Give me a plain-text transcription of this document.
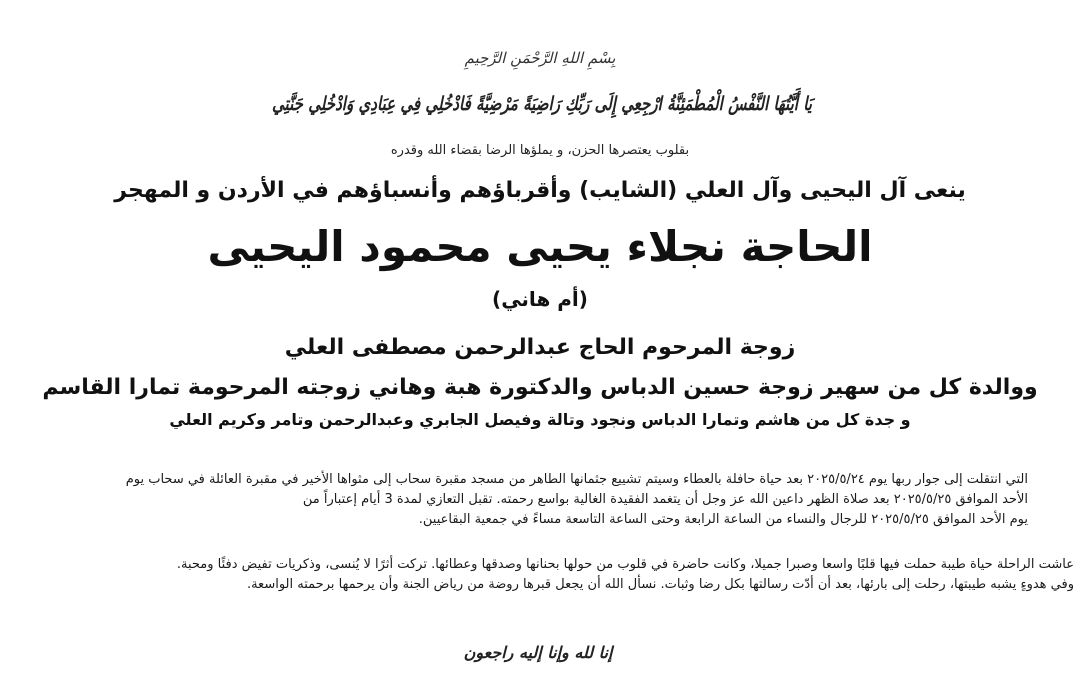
بِسْمِ اللهِ الرَّحْمَنِ الرَّحِيمِ
يَا أَيَّتُهَا النَّفْسُ الْمُطْمَئِنَّةُ ارْجِعِي إِلَى رَبِّكِ رَاضِيَةً مَرْضِيَّةً فَادْخُلِي فِي عِبَادِي وَادْخُلِي جَنَّتِي
بقلوب يعتصرها الحزن، و يملؤها الرضا بقضاء الله وقدره
ينعى آل اليحيى وآل العلي (الشايب) وأقرباؤهم وأنسباؤهم في الأردن و المهجر
الحاجة نجلاء يحيى محمود اليحيى
(أم هاني)
زوجة المرحوم الحاج عبدالرحمن مصطفى العلي
ووالدة كل من سهير زوجة حسين الدباس والدكتورة هبة وهاني زوجته المرحومة تمارا القاسم
و جدة كل من هاشم وتمارا الدباس ونجود وتالة وفيصل الجابري وعبدالرحمن وتامر وكريم العلي
التي انتقلت إلى جوار ربها يوم ٢٠٢٥/٥/٢٤ بعد حياة حافلة بالعطاء وسيتم تشييع جثمانها الطاهر من مسجد مقبرة سحاب إلى مثواها الأخير في مقبرة العائلة في سحاب يوم
الأحد الموافق ٢٠٢٥/٥/٢٥ بعد صلاة الظهر داعين الله عز وجل أن يتغمد الفقيدة الغالية بواسع رحمته. تقبل التعازي لمدة 3 أيام إعتباراً من
يوم الأحد الموافق ٢٠٢٥/٥/٢٥ للرجال والنساء من الساعة الرابعة وحتى الساعة التاسعة مساءً في جمعية البقاعيين.
عاشت الراحلة حياة طيبة حملت فيها قلبًا واسعا وصبرا جميلا، وكانت حاضرة في قلوب من حولها بحنانها وصدقها وعطائها. تركت أثرًا لا يُنسى، وذكريات تفيض دفئًا ومحبة.
وفي هدوءٍ يشبه طيبتها، رحلت إلى بارئها، بعد أن أدّت رسالتها بكل رضا وثبات. نسأل الله أن يجعل قبرها روضة من رياض الجنة وأن يرحمها برحمته الواسعة.
إنا لله وإنا إليه راجعون
